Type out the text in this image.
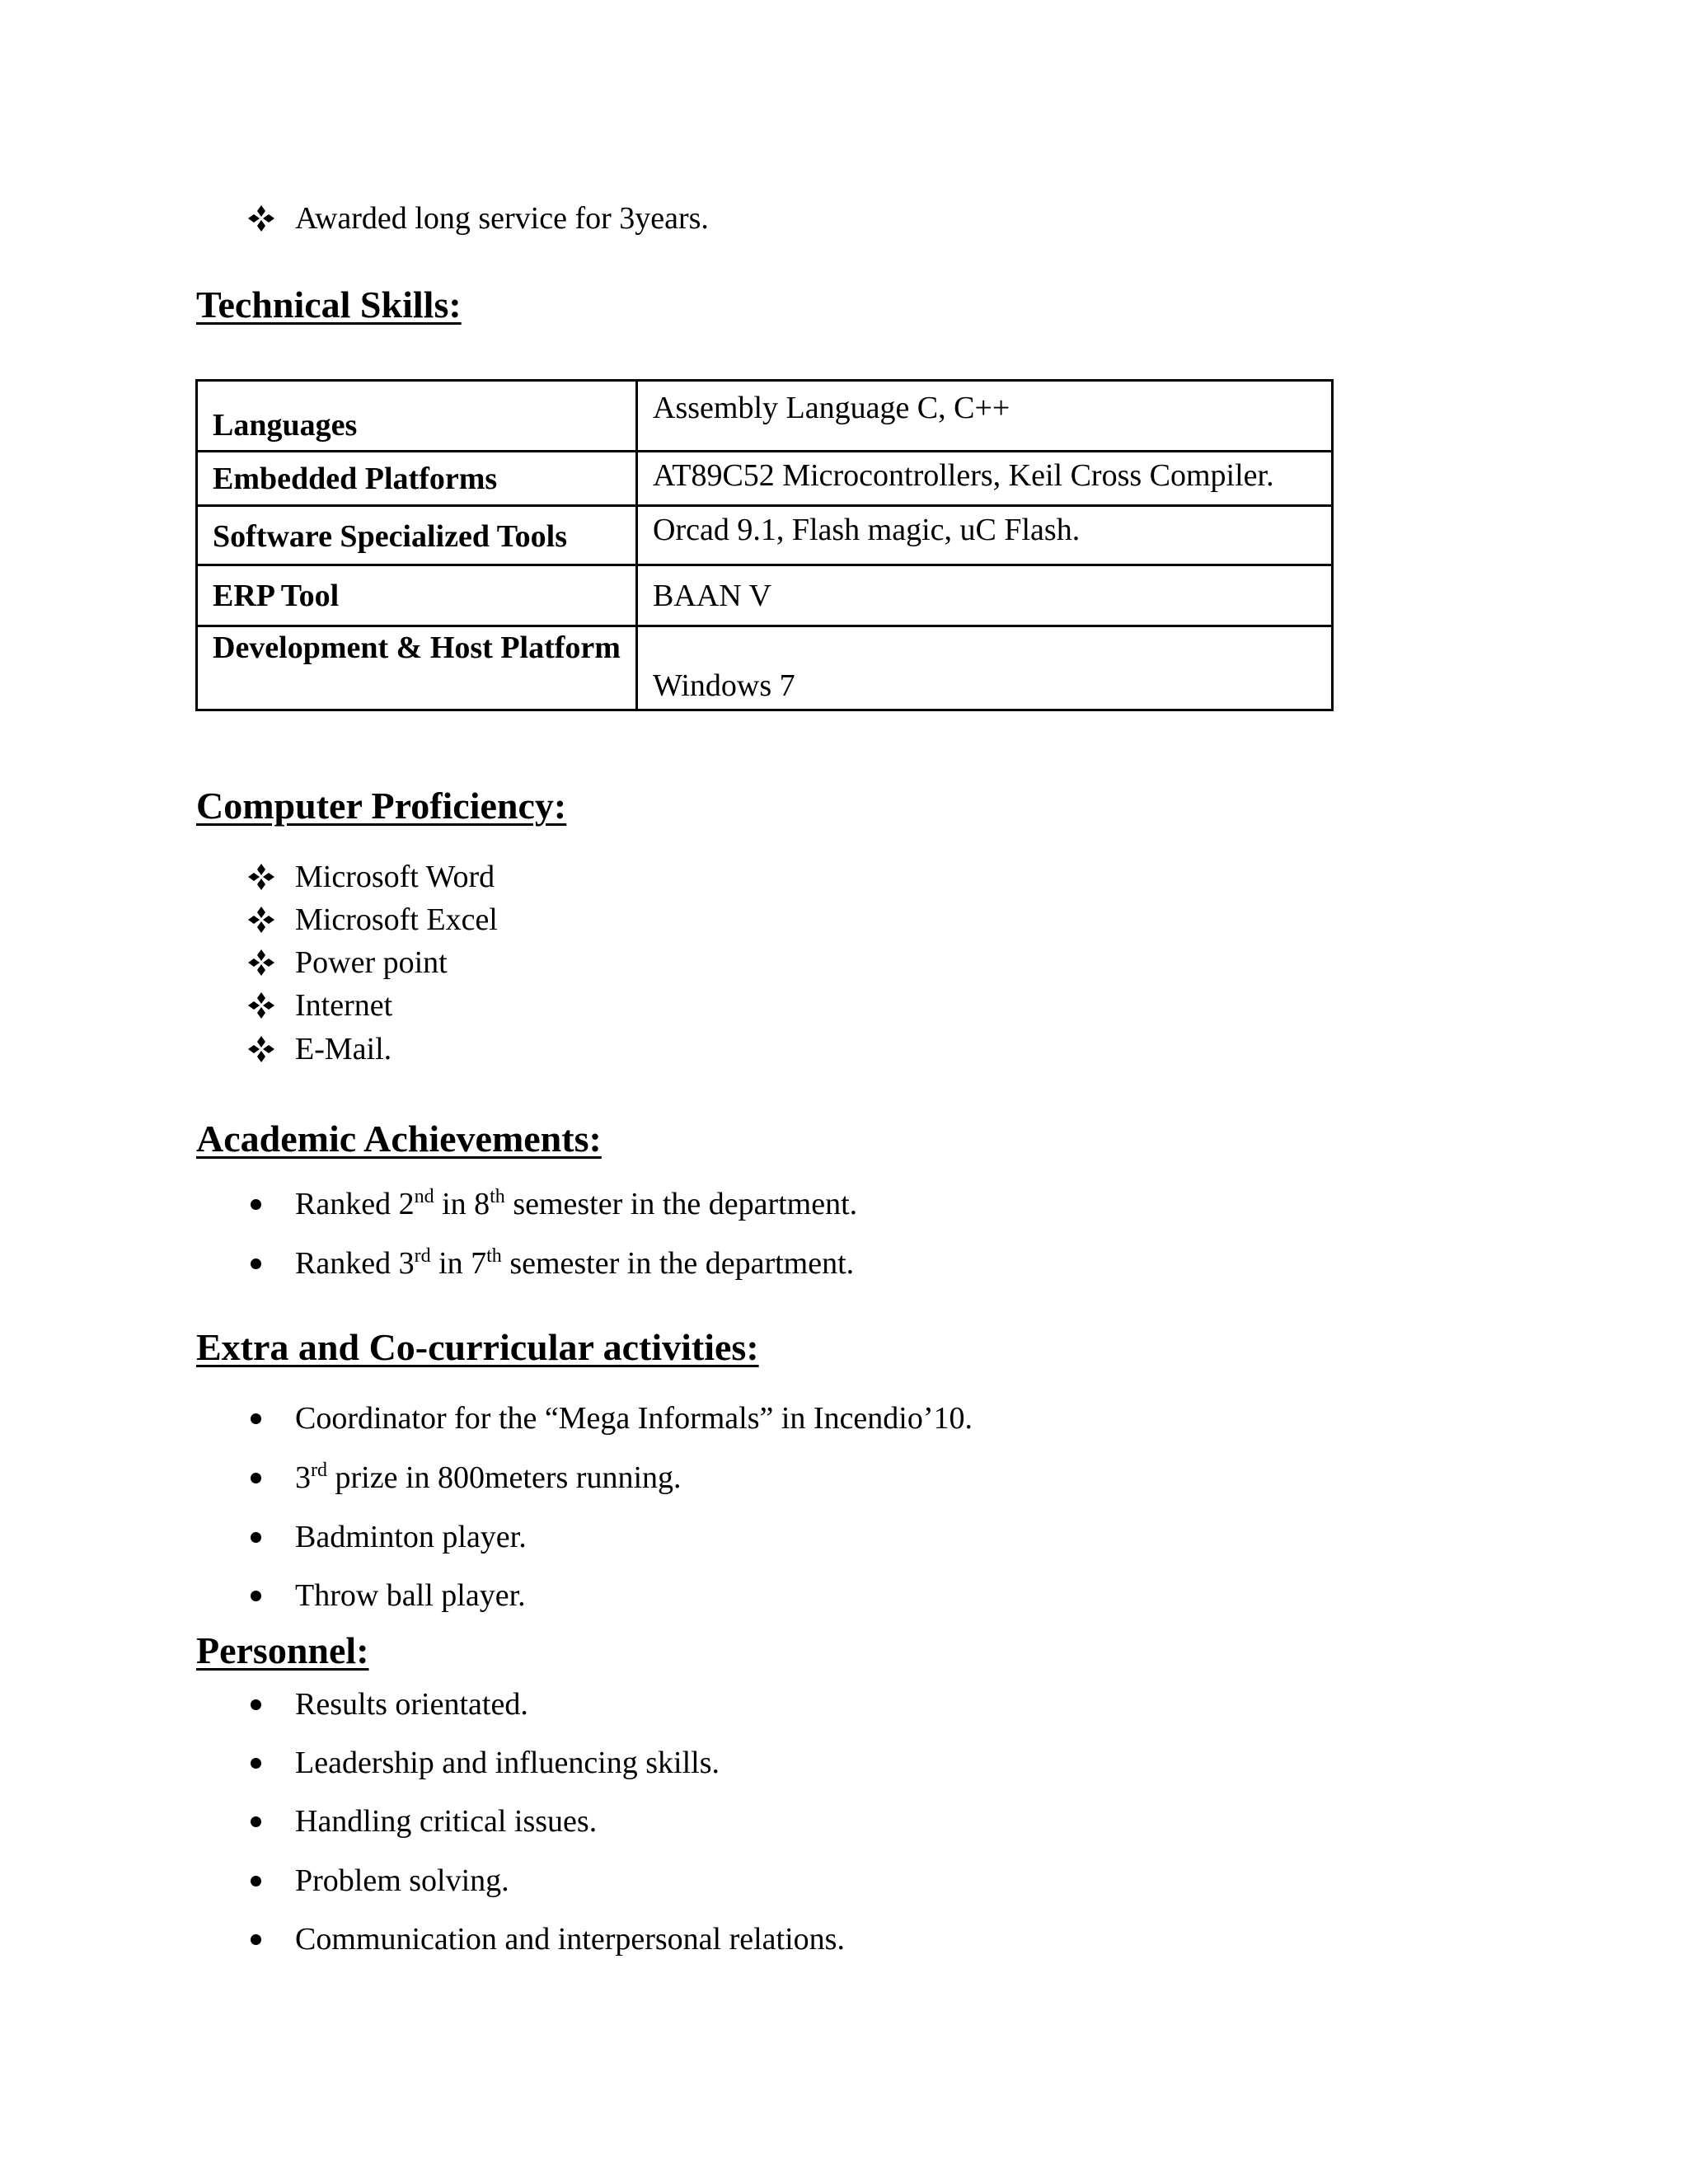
Awarded long service for 3years.
Technical Skills:
Languages	Assembly Language C, C++
Embedded Platforms	AT89C52 Microcontrollers, Keil Cross Compiler.
Software Specialized Tools	Orcad 9.1, Flash magic, uC Flash.
ERP Tool	BAAN V
Development & Host Platform	Windows 7
Computer Proficiency:
Microsoft Word
Microsoft Excel
Power point
Internet
E-Mail.
Academic Achievements:
Ranked 2nd in 8th semester in the department.
Ranked 3rd in 7th semester in the department.
Extra and Co-curricular activities:
Coordinator for the “Mega Informals” in Incendio’10.
3rd prize in 800meters running.
Badminton player.
Throw ball player.
Personnel:
Results orientated.
Leadership and influencing skills.
Handling critical issues.
Problem solving.
Communication and interpersonal relations.
